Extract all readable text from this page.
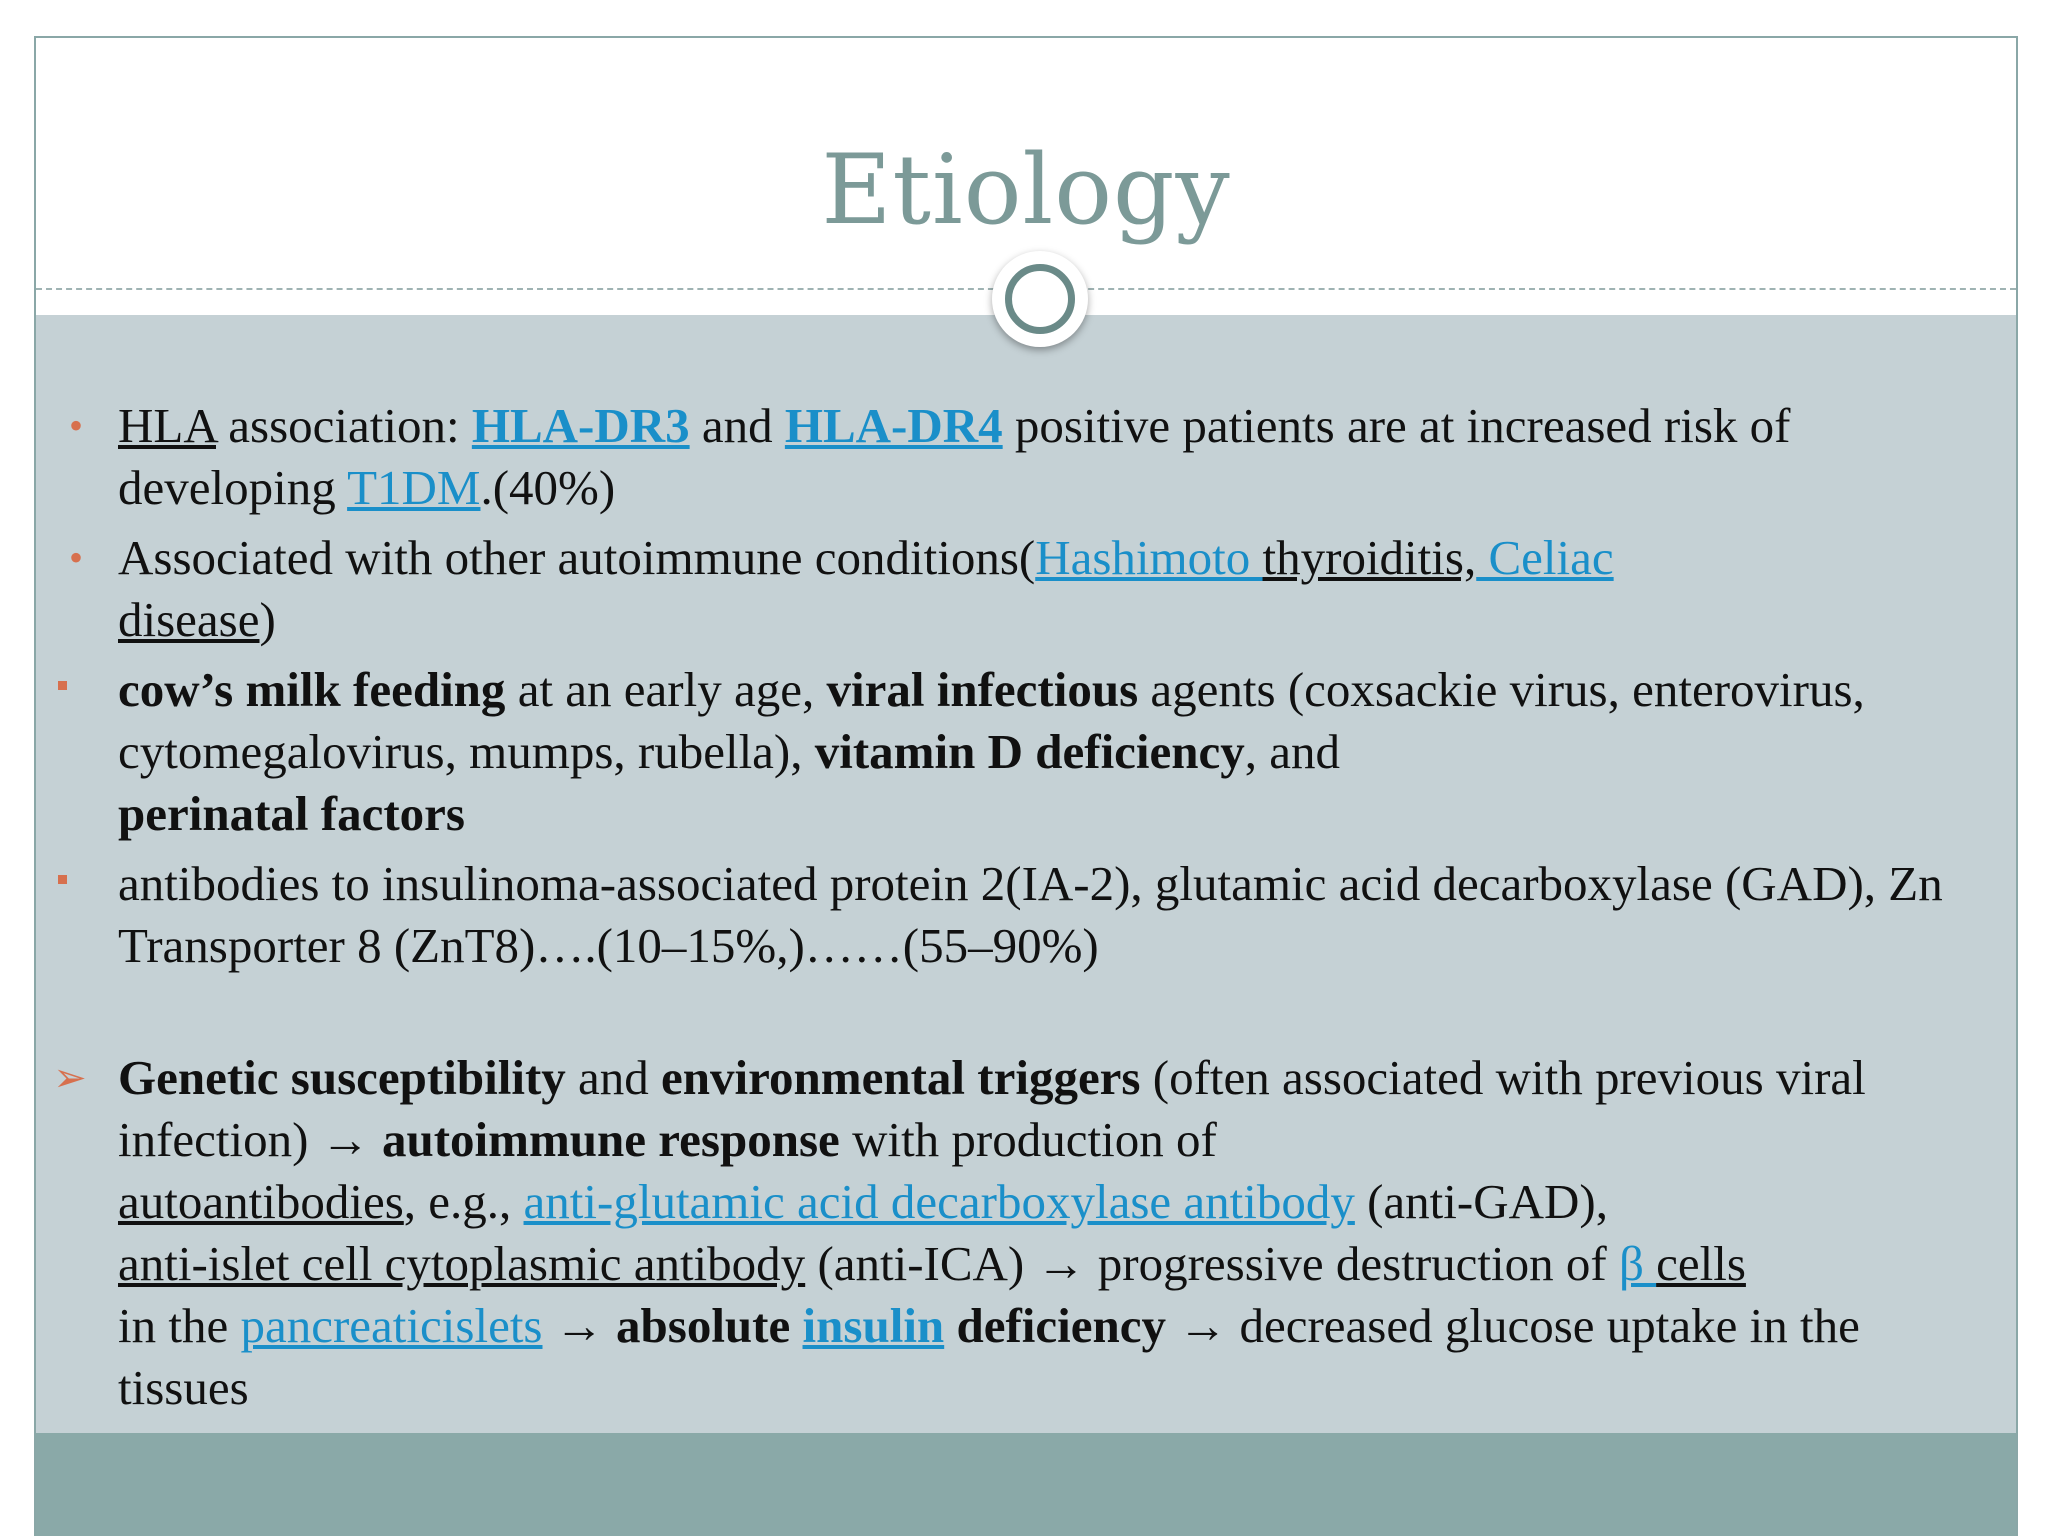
Etiology
• HLA association: HLA-DR3 and HLA-DR4 positive patients are at increased risk of developing T1DM.(40%)
• Associated with other autoimmune conditions(Hashimoto thyroiditis, Celiac
disease)
cow’s milk feeding at an early age, viral infectious agents (coxsackie virus, enterovirus, cytomegalovirus, mumps, rubella), vitamin D deficiency, and
perinatal factors
antibodies to insulinoma-associated protein 2(IA-2), glutamic acid decarboxylase (GAD), Zn Transporter 8 (ZnT8)….(10–15%,)……(55–90%)
➢ Genetic susceptibility and environmental triggers (often associated with previous viral infection) → autoimmune response with production of
autoantibodies, e.g., anti-glutamic acid decarboxylase antibody (anti-GAD),
anti-islet cell cytoplasmic antibody (anti-ICA) → progressive destruction of β cells
in the pancreaticislets → absolute insulin deficiency → decreased glucose uptake in the tissues
